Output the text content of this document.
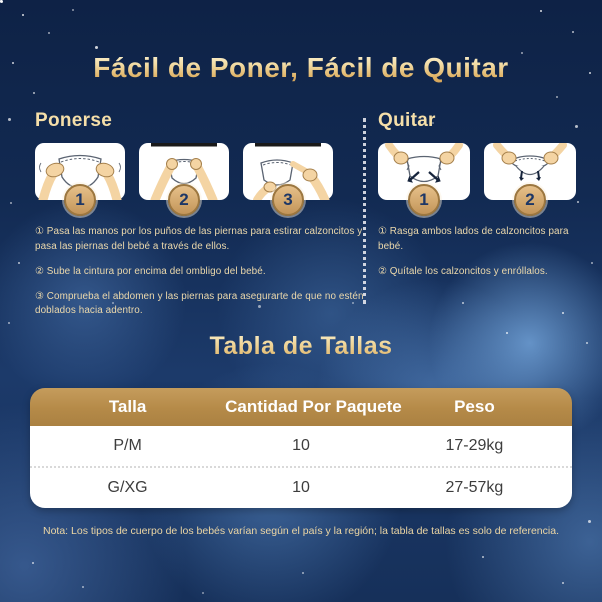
Fácil de Poner, Fácil de Quitar
Ponerse
1	2	3

① Pasa las manos por los puños de las piernas para estirar calzoncitos y pasa las piernas del bebé a través de ellos.

② Sube la cintura por encima del ombligo del bebé.

③ Comprueba el abdomen y las piernas para asegurarte de que no estén doblados hacia adentro.

Quitar
1	2

① Rasga ambos lados de calzoncitos para bebé.

② Quítale los calzoncitos y enróllalos.

Tabla de Tallas
Talla	Cantidad Por Paquete	Peso
P/M	10	17-29kg
G/XG	10	27-57kg

Nota: Los tipos de cuerpo de los bebés varían según el país y la región; la tabla de tallas es solo de referencia.
